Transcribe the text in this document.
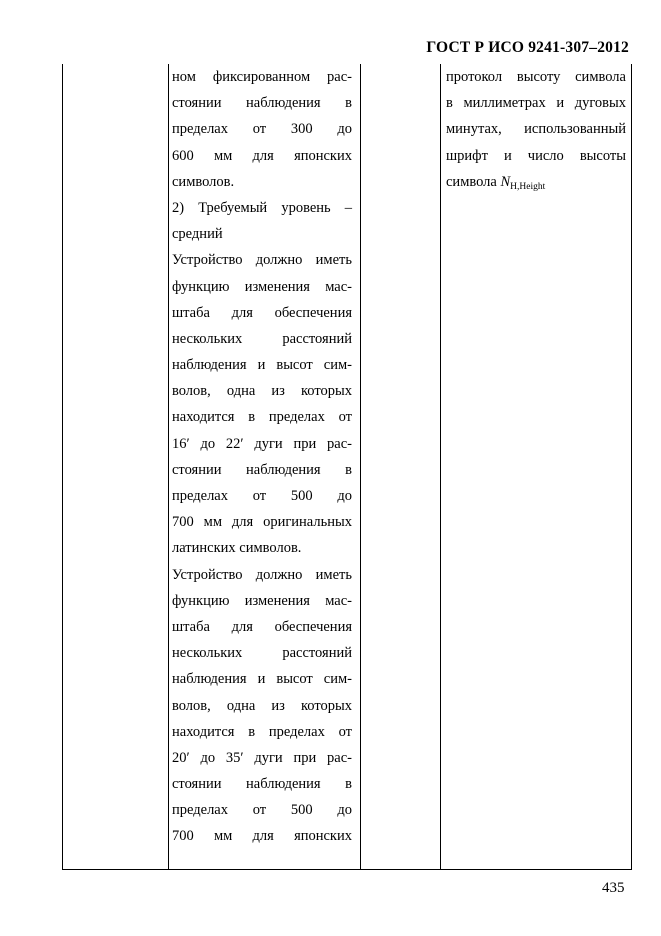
ГОСТ Р ИСО 9241-307–2012
ном фиксированном рас-
стоянии наблюдения в
пределах от 300 до
600 мм для японских
символов.
2) Требуемый уровень –
средний
Устройство должно иметь
функцию изменения мас-
штаба для обеспечения
нескольких	расстояний
наблюдения и высот сим-
волов, одна из которых
находится в пределах от
16′ до 22′ дуги при рас-
стоянии наблюдения в
пределах от 500 до
700 мм для оригинальных
латинских символов.
Устройство должно иметь
функцию изменения мас-
штаба для обеспечения
нескольких	расстояний
наблюдения и высот сим-
волов, одна из которых
находится в пределах от
20′ до 35′ дуги при рас-
стоянии наблюдения в
пределах от 500 до
700 мм для японских
протокол высоту символа
в миллиметрах и дуговых
минутах, использованный
шрифт и число высоты
символа $N_{H,Height}$
435
